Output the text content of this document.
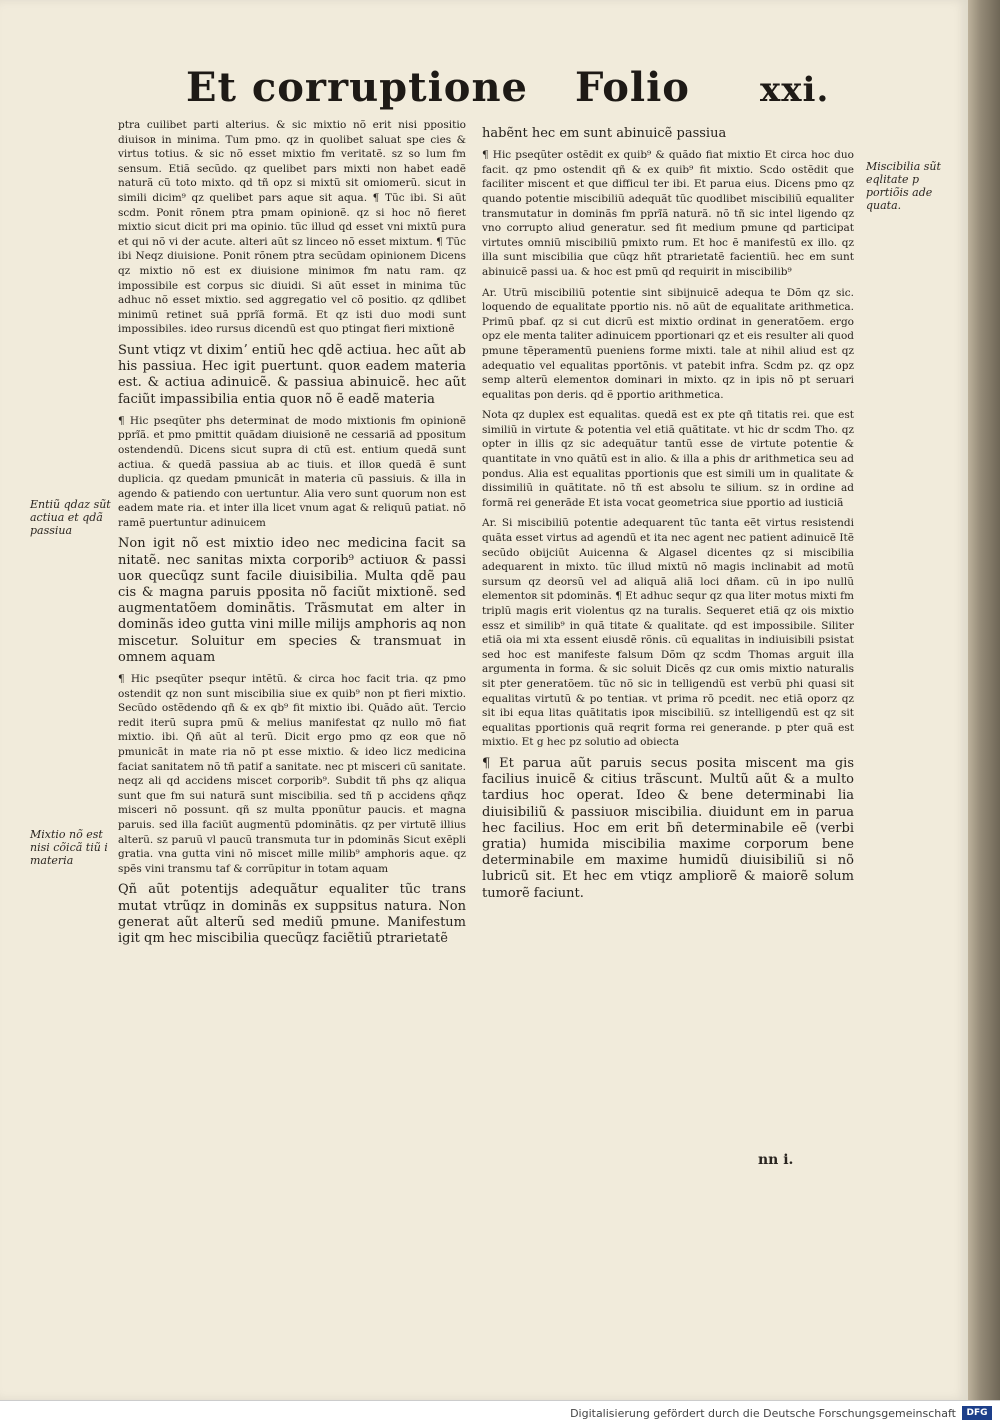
Et corruptione Folio xxi.

ptra cuilibet parti alterius. & sic mixtio nõ erit nisi ppositio diuisoʀ in minima. Tum pmo. qz in quolibet saluat spe cies & virtus totius. & sic nõ esset mixtio fm veritatẽ. sz so lum fm sensum. Etiã secũdo. qz quelibet pars mixti non habet eadẽ naturã cũ toto mixto. qd tñ opz si mixtũ sit omiomerũ. sicut in simili dicim⁹ qz quelibet pars aque sit aqua. ¶ Tũc ibi. Si aũt scdm. Ponit rõnem ptra pmam opinionẽ. qz si hoc nõ fieret mixtio sicut dicit pri ma opinio. tũc illud qd esset vni mixtũ pura et qui nõ vi der acute. alteri aũt sz linceo nõ esset mixtum. ¶ Tũc ibi Neqz diuisione. Ponit rõnem ptra secũdam opinionem Dicens qz mixtio nõ est ex diuisione minimoʀ fm natu ram. qz impossibile est corpus sic diuidi. Si aũt esset in minima tũc adhuc nõ esset mixtio. sed aggregatio vel cõ positio. qz qdlibet minimũ retinet suã pprĩã formã. Et qz isti duo modi sunt impossibiles. ideo rursus dicendũ est quo ptingat fieri mixtionẽ

Sunt vtiqz vt diximʼ entiũ hec qdẽ actiua. hec aũt ab his passiua. Hec igit puertunt. quoʀ eadem materia est. & actiua adinuicẽ. & passiua abinuicẽ. hec aũt faciũt impassibilia entia quoʀ nõ ẽ eadẽ materia

¶ Hic pseqũter phs determinat de modo mixtionis fm opinionẽ pprĩã. et pmo pmittit quãdam diuisionẽ ne cessariã ad ppositum ostendendũ. Dicens sicut supra di ctũ est. entium quedã sunt actiua. & quedã passiua ab ac tiuis. et illoʀ quedã ẽ sunt duplicia. qz quedam pmunicãt in materia cũ passiuis. & illa in agendo & patiendo con uertuntur. Alia vero sunt quorum non est eadem mate ria. et inter illa licet vnum agat & reliquũ patiat. nõ ramẽ puertuntur adinuicem

Non igit nõ est mixtio ideo nec medicina facit sa nitatẽ. nec sanitas mixta corporib⁹ actiuoʀ & passi uoʀ quecũqz sunt facile diuisibilia. Multa qdẽ pau cis & magna paruis pposita nõ faciũt mixtionẽ. sed augmentatõem dominãtis. Trãsmutat em alter in dominãs ideo gutta vini mille milijs amphoris aq non miscetur. Soluitur em species & transmuat in omnem aquam

¶ Hic pseqũter psequr intẽtũ. & circa hoc facit tria. qz pmo ostendit qz non sunt miscibilia siue ex quib⁹ non pt fieri mixtio. Secũdo ostẽdendo qñ & ex qb⁹ fit mixtio ibi. Quãdo aũt. Tercio redit iterũ supra pmũ & melius manifestat qz nullo mõ fiat mixtio. ibi. Qñ aũt al terũ. Dicit ergo pmo qz eoʀ que nõ pmunicãt in mate ria nõ pt esse mixtio. & ideo licz medicina faciat sanitatem nõ tñ patif a sanitate. nec pt misceri cũ sanitate. neqz ali qd accidens miscet corporib⁹. Subdit tñ phs qz aliqua sunt que fm sui naturã sunt miscibilia. sed tñ p accidens qñqz misceri nõ possunt. qñ sz multa pponũtur paucis. et magna paruis. sed illa faciũt augmentũ pdominãtis. qz per virtutẽ illius alterũ. sz paruũ vl paucũ transmuta tur in pdominãs Sicut exẽpli gratia. vna gutta vini nõ miscet mille milib⁹ amphoris aque. qz spẽs vini transmu taf & corrũpitur in totam aquam

Qñ aũt potentijs adequãtur equaliter tũc trans mutat vtrũqz in dominãs ex suppsitus natura. Non generat aũt alterũ sed mediũ pmune. Manifestum igit qm hec miscibilia quecũqz faciẽtiũ ptrarietatẽ

habẽnt hec em sunt abinuicẽ passiua

¶ Hic pseqũter ostẽdit ex quib⁹ & quãdo fiat mixtio Et circa hoc duo facit. qz pmo ostendit qñ & ex quib⁹ fit mixtio. Scdo ostẽdit que faciliter miscent et que difficul ter ibi. Et parua eius. Dicens pmo qz quando potentie miscibiliũ adequãt tũc quodlibet miscibiliũ equaliter transmutatur in dominãs fm pprĩã naturã. nõ tñ sic intel ligendo qz vno corrupto aliud generatur. sed fit medium pmune qd participat virtutes omniũ miscibiliũ pmixto rum. Et hoc ẽ manifestũ ex illo. qz illa sunt miscibilia que cũqz hñt ptrarietatẽ facientiũ. hec em sunt abinuicẽ passi ua. & hoc est pmũ qd requirit in miscibilib⁹

Ar. Utrũ miscibiliũ potentie sint sibijnuicẽ adequa te Dõm qz sic. loquendo de equalitate pportio nis. nõ aũt de equalitate arithmetica. Primũ pbaf. qz si cut dicrũ est mixtio ordinat in generatõem. ergo opz ele menta taliter adinuicem pportionari qz et eis resulter ali quod pmune tẽperamentũ pueniens forme mixti. tale at nihil aliud est qz adequatio vel equalitas pportõnis. vt patebit infra. Scdm pz. qz opz semp alterũ elementoʀ dominari in mixto. qz in ipis nõ pt seruari equalitas pon deris. qd ẽ pportio arithmetica.

Nota qz duplex est equalitas. quedã est ex pte qñ titatis rei. que est similiũ in virtute & potentia vel etiã quãtitate. vt hic dr scdm Tho. qz opter in illis qz sic adequãtur tantũ esse de virtute potentie & quantitate in vno quãtũ est in alio. & illa a phis dr arithmetica seu ad pondus. Alia est equalitas pportionis que est simili um in qualitate & dissimiliũ in quãtitate. nõ tñ est absolu te silium. sz in ordine ad formã rei generãde Et ista vocat geometrica siue pportio ad iusticiã

Ar. Si miscibiliũ potentie adequarent tũc tanta eẽt virtus resistendi quãta esset virtus ad agendũ et ita nec agent nec patient adinuicẽ Itẽ secũdo obijciũt Auicenna & Algasel dicentes qz si miscibilia adequarent in mixto. tũc illud mixtũ nõ magis inclinabit ad motũ sursum qz deorsũ vel ad aliquã aliã loci dñam. cũ in ipo nullũ elementoʀ sit pdominãs. ¶ Et adhuc sequr qz qua liter motus mixti fm triplũ magis erit violentus qz na turalis. Sequeret etiã qz ois mixtio essz et similib⁹ in quã titate & qualitate. qd est impossibile. Siliter etiã oia mi xta essent eiusdẽ rõnis. cũ equalitas in indiuisibili psistat sed hoc est manifeste falsum Dõm qz scdm Thomas arguit illa argumenta in forma. & sic soluit Dicẽs qz cuʀ omis mixtio naturalis sit pter generatõem. tũc nõ sic in telligendũ est verbũ phi quasi sit equalitas virtutũ & po tentiaʀ. vt prima rõ pcedit. nec etiã oporz qz sit ibi equa litas quãtitatis ipoʀ miscibiliũ. sz intelligendũ est qz sit equalitas pportionis quã reqrit forma rei generande. p pter quã est mixtio. Et g hec pz solutio ad obiecta

¶ Et parua aũt paruis secus posita miscent ma gis facilius inuicẽ & citius trãscunt. Multũ aũt & a multo tardius hoc operat. Ideo & bene determinabi lia diuisibiliũ & passiuoʀ miscibilia. diuidunt em in parua hec facilius. Hoc em erit bñ determinabile eẽ (verbi gratia) humida miscibilia maxime corporum bene determinabile em maxime humidũ diuisibiliũ si nõ lubricũ sit. Et hec em vtiqz ampliorẽ & maiorẽ solum tumorẽ faciunt.

Entiũ qdaz sũt actiua et qdã passiua
Mixtio nõ est nisi cõicã tiũ i materia
Miscibilia sũt eqlitate p portiõis ade quata.
nn i.
Digitalisierung gefördert durch die Deutsche Forschungsgemeinschaft	DFG
